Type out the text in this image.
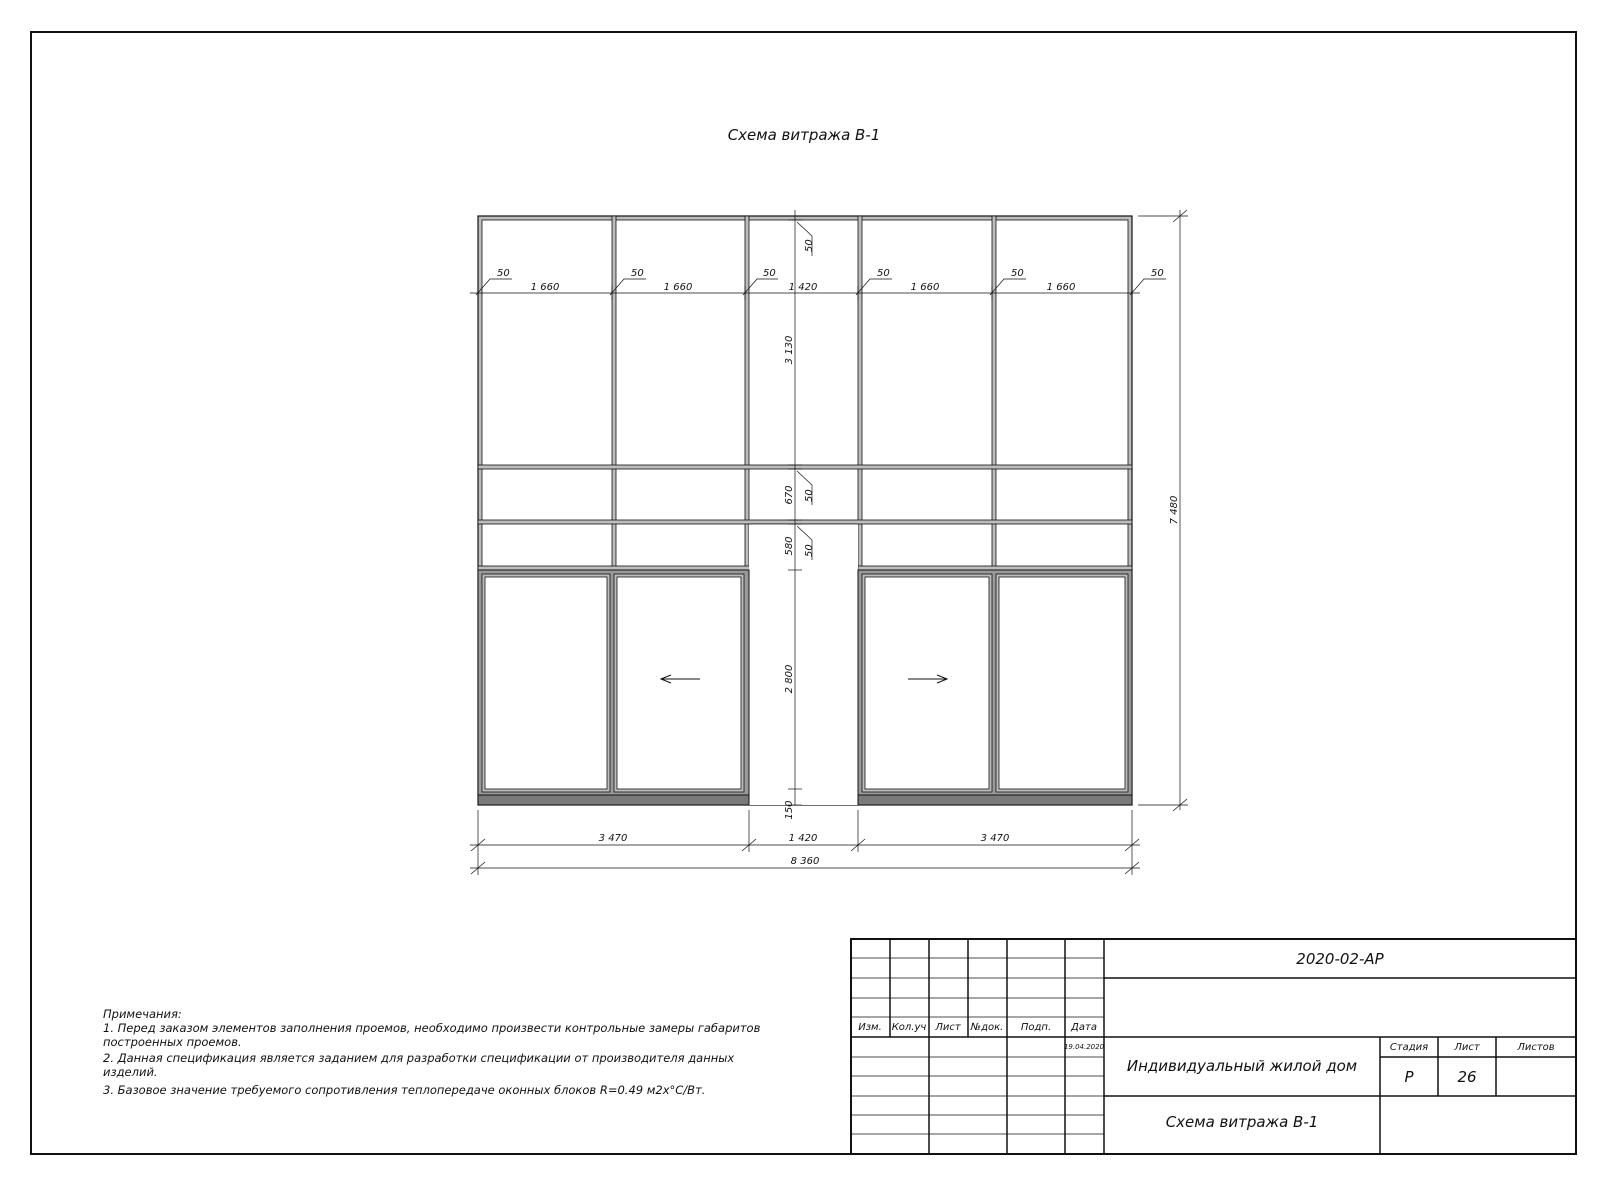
Схема витража В-1
1 660	1 660	1 420	1 660	1 660
50	50	50	50	50	50
50
3 130
670 50
580 50
2 800
150
7 480
3 470	1 420	3 470
8 360
Примечания:
1. Перед заказом элементов заполнения проемов, необходимо произвести контрольные замеры габаритов
построенных проемов.
2. Данная спецификация является заданием для разработки спецификации от производителя данных
изделий.
3. Базовое значение требуемого сопротивления теплопередаче оконных блоков R=0.49 м2х°С/Вт.
Изм. Кол.уч Лист №док. Подп. Дата
19.04.2020
2020-02-АР
Индивидуальный жилой дом
Схема витража В-1
Стадия	Лист	Листов
Р	26
